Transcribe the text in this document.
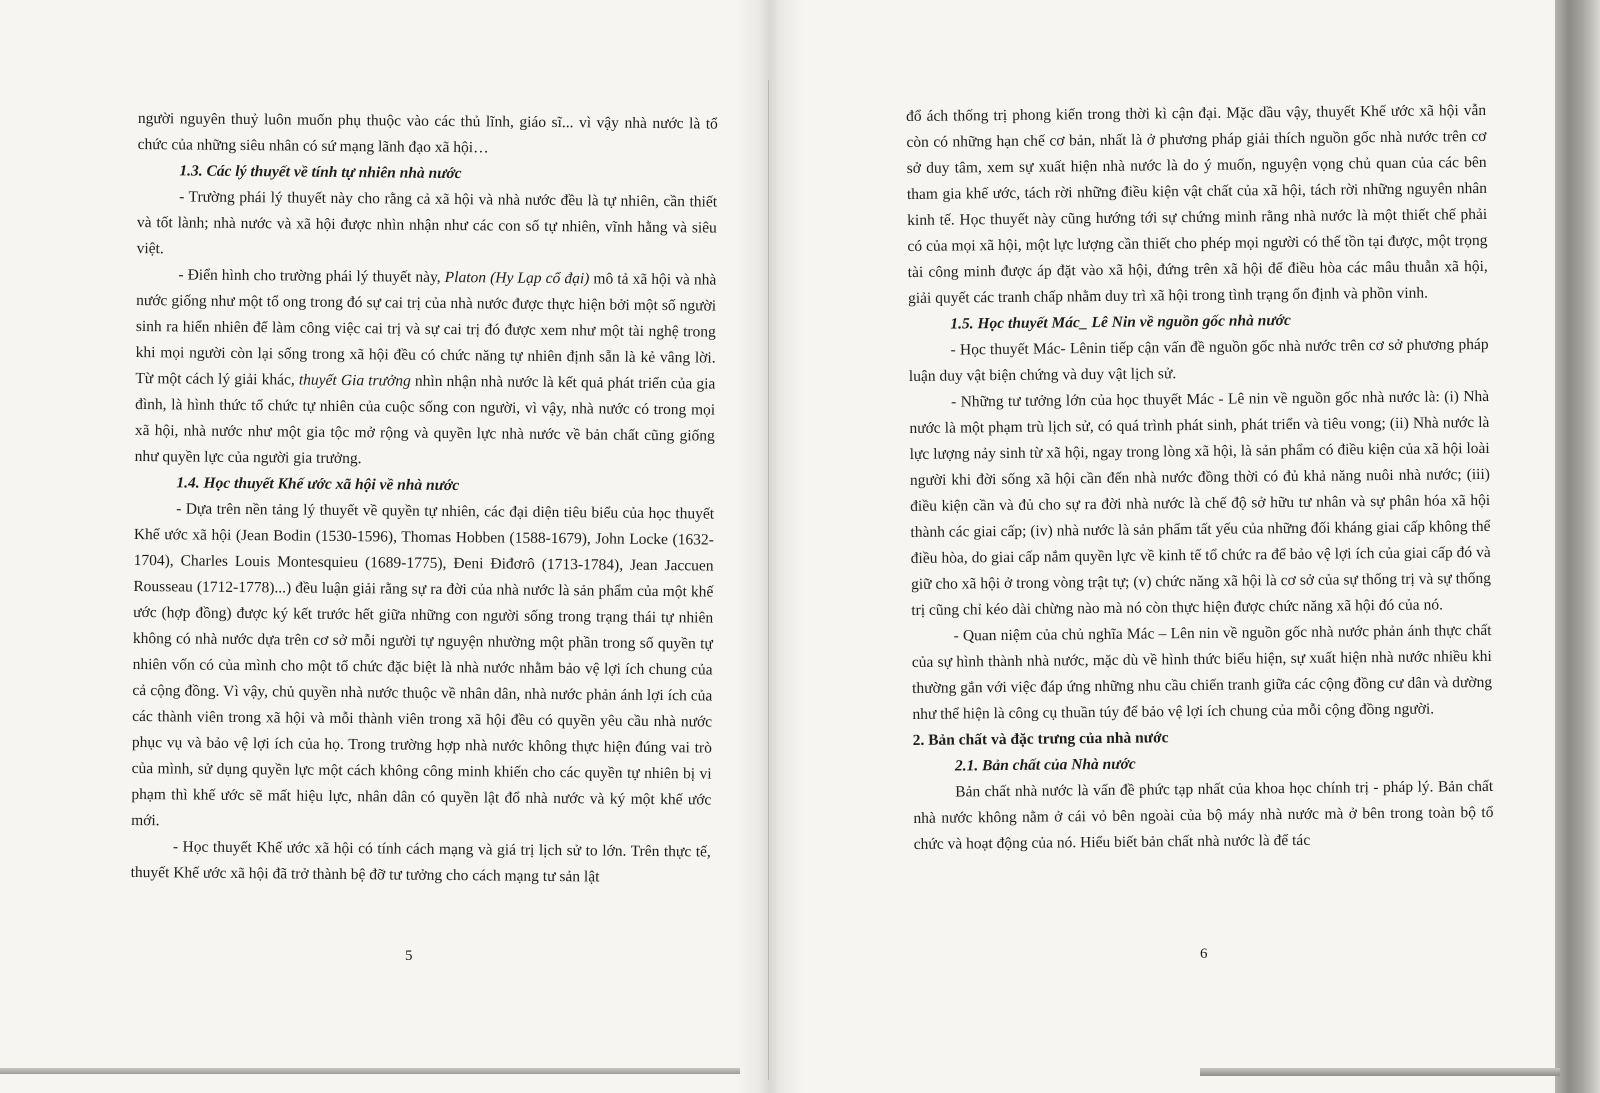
người nguyên thuỷ luôn muốn phụ thuộc vào các thủ lĩnh, giáo sĩ... vì vậy nhà nước là tổ chức của những siêu nhân có sứ mạng lãnh đạo xã hội…

1.3. Các lý thuyết về tính tự nhiên nhà nước

- Trường phái lý thuyết này cho rằng cả xã hội và nhà nước đều là tự nhiên, cần thiết và tốt lành; nhà nước và xã hội được nhìn nhận như các con số tự nhiên, vĩnh hằng và siêu việt.

- Điển hình cho trường phái lý thuyết này, Platon (Hy Lạp cổ đại) mô tả xã hội và nhà nước giống như một tổ ong trong đó sự cai trị của nhà nước được thực hiện bởi một số người sinh ra hiển nhiên để làm công việc cai trị và sự cai trị đó được xem như một tài nghệ trong khi mọi người còn lại sống trong xã hội đều có chức năng tự nhiên định sẵn là kẻ vâng lời. Từ một cách lý giải khác, thuyết Gia trưởng nhìn nhận nhà nước là kết quả phát triển của gia đình, là hình thức tổ chức tự nhiên của cuộc sống con người, vì vậy, nhà nước có trong mọi xã hội, nhà nước như một gia tộc mở rộng và quyền lực nhà nước về bản chất cũng giống như quyền lực của người gia trưởng.

1.4. Học thuyết Khế ước xã hội về nhà nước

- Dựa trên nền tảng lý thuyết về quyền tự nhiên, các đại diện tiêu biểu của học thuyết Khế ước xã hội (Jean Bodin (1530-1596), Thomas Hobben (1588-1679), John Locke (1632-1704), Charles Louis Montesquieu (1689-1775), Đeni Điđơrô (1713-1784), Jean Jaccuen Rousseau (1712-1778)...) đều luận giải rằng sự ra đời của nhà nước là sản phẩm của một khế ước (hợp đồng) được ký kết trước hết giữa những con người sống trong trạng thái tự nhiên không có nhà nước dựa trên cơ sở mỗi người tự nguyện nhường một phần trong số quyền tự nhiên vốn có của mình cho một tổ chức đặc biệt là nhà nước nhằm bảo vệ lợi ích chung của cả cộng đồng. Vì vậy, chủ quyền nhà nước thuộc về nhân dân, nhà nước phản ánh lợi ích của các thành viên trong xã hội và mỗi thành viên trong xã hội đều có quyền yêu cầu nhà nước phục vụ và bảo vệ lợi ích của họ. Trong trường hợp nhà nước không thực hiện đúng vai trò của mình, sử dụng quyền lực một cách không công minh khiến cho các quyền tự nhiên bị vi phạm thì khế ước sẽ mất hiệu lực, nhân dân có quyền lật đổ nhà nước và ký một khế ước mới.

- Học thuyết Khế ước xã hội có tính cách mạng và giá trị lịch sử to lớn. Trên thực tế, thuyết Khế ước xã hội đã trở thành bệ đỡ tư tưởng cho cách mạng tư sản lật

5

đổ ách thống trị phong kiến trong thời kì cận đại. Mặc dầu vậy, thuyết Khế ước xã hội vẫn còn có những hạn chế cơ bản, nhất là ở phương pháp giải thích nguồn gốc nhà nước trên cơ sở duy tâm, xem sự xuất hiện nhà nước là do ý muốn, nguyện vọng chủ quan của các bên tham gia khế ước, tách rời những điều kiện vật chất của xã hội, tách rời những nguyên nhân kinh tế. Học thuyết này cũng hướng tới sự chứng minh rằng nhà nước là một thiết chế phải có của mọi xã hội, một lực lượng cần thiết cho phép mọi người có thể tồn tại được, một trọng tài công minh được áp đặt vào xã hội, đứng trên xã hội để điều hòa các mâu thuẫn xã hội, giải quyết các tranh chấp nhằm duy trì xã hội trong tình trạng ổn định và phồn vinh.

1.5. Học thuyết Mác_ Lê Nin về nguồn gốc nhà nước

- Học thuyết Mác- Lênin tiếp cận vấn đề nguồn gốc nhà nước trên cơ sở phương pháp luận duy vật biện chứng và duy vật lịch sử.

- Những tư tưởng lớn của học thuyết Mác - Lê nin về nguồn gốc nhà nước là: (i) Nhà nước là một phạm trù lịch sử, có quá trình phát sinh, phát triển và tiêu vong; (ii) Nhà nước là lực lượng nảy sinh từ xã hội, ngay trong lòng xã hội, là sản phẩm có điều kiện của xã hội loài người khi đời sống xã hội cần đến nhà nước đồng thời có đủ khả năng nuôi nhà nước; (iii) điều kiện cần và đủ cho sự ra đời nhà nước là chế độ sở hữu tư nhân và sự phân hóa xã hội thành các giai cấp; (iv) nhà nước là sản phẩm tất yếu của những đối kháng giai cấp không thể điều hòa, do giai cấp nắm quyền lực về kinh tế tổ chức ra để bảo vệ lợi ích của giai cấp đó và giữ cho xã hội ở trong vòng trật tự; (v) chức năng xã hội là cơ sở của sự thống trị và sự thống trị cũng chỉ kéo dài chừng nào mà nó còn thực hiện được chức năng xã hội đó của nó.

- Quan niệm của chủ nghĩa Mác – Lên nin về nguồn gốc nhà nước phản ánh thực chất của sự hình thành nhà nước, mặc dù về hình thức biểu hiện, sự xuất hiện nhà nước nhiều khi thường gắn với việc đáp ứng những nhu cầu chiến tranh giữa các cộng đồng cư dân và dường như thể hiện là công cụ thuần túy để bảo vệ lợi ích chung của mỗi cộng đồng người.

2. Bản chất và đặc trưng của nhà nước
2.1. Bản chất của Nhà nước

Bản chất nhà nước là vấn đề phức tạp nhất của khoa học chính trị - pháp lý. Bản chất nhà nước không nằm ở cái vỏ bên ngoài của bộ máy nhà nước mà ở bên trong toàn bộ tổ chức và hoạt động của nó. Hiểu biết bản chất nhà nước là để tác

6
